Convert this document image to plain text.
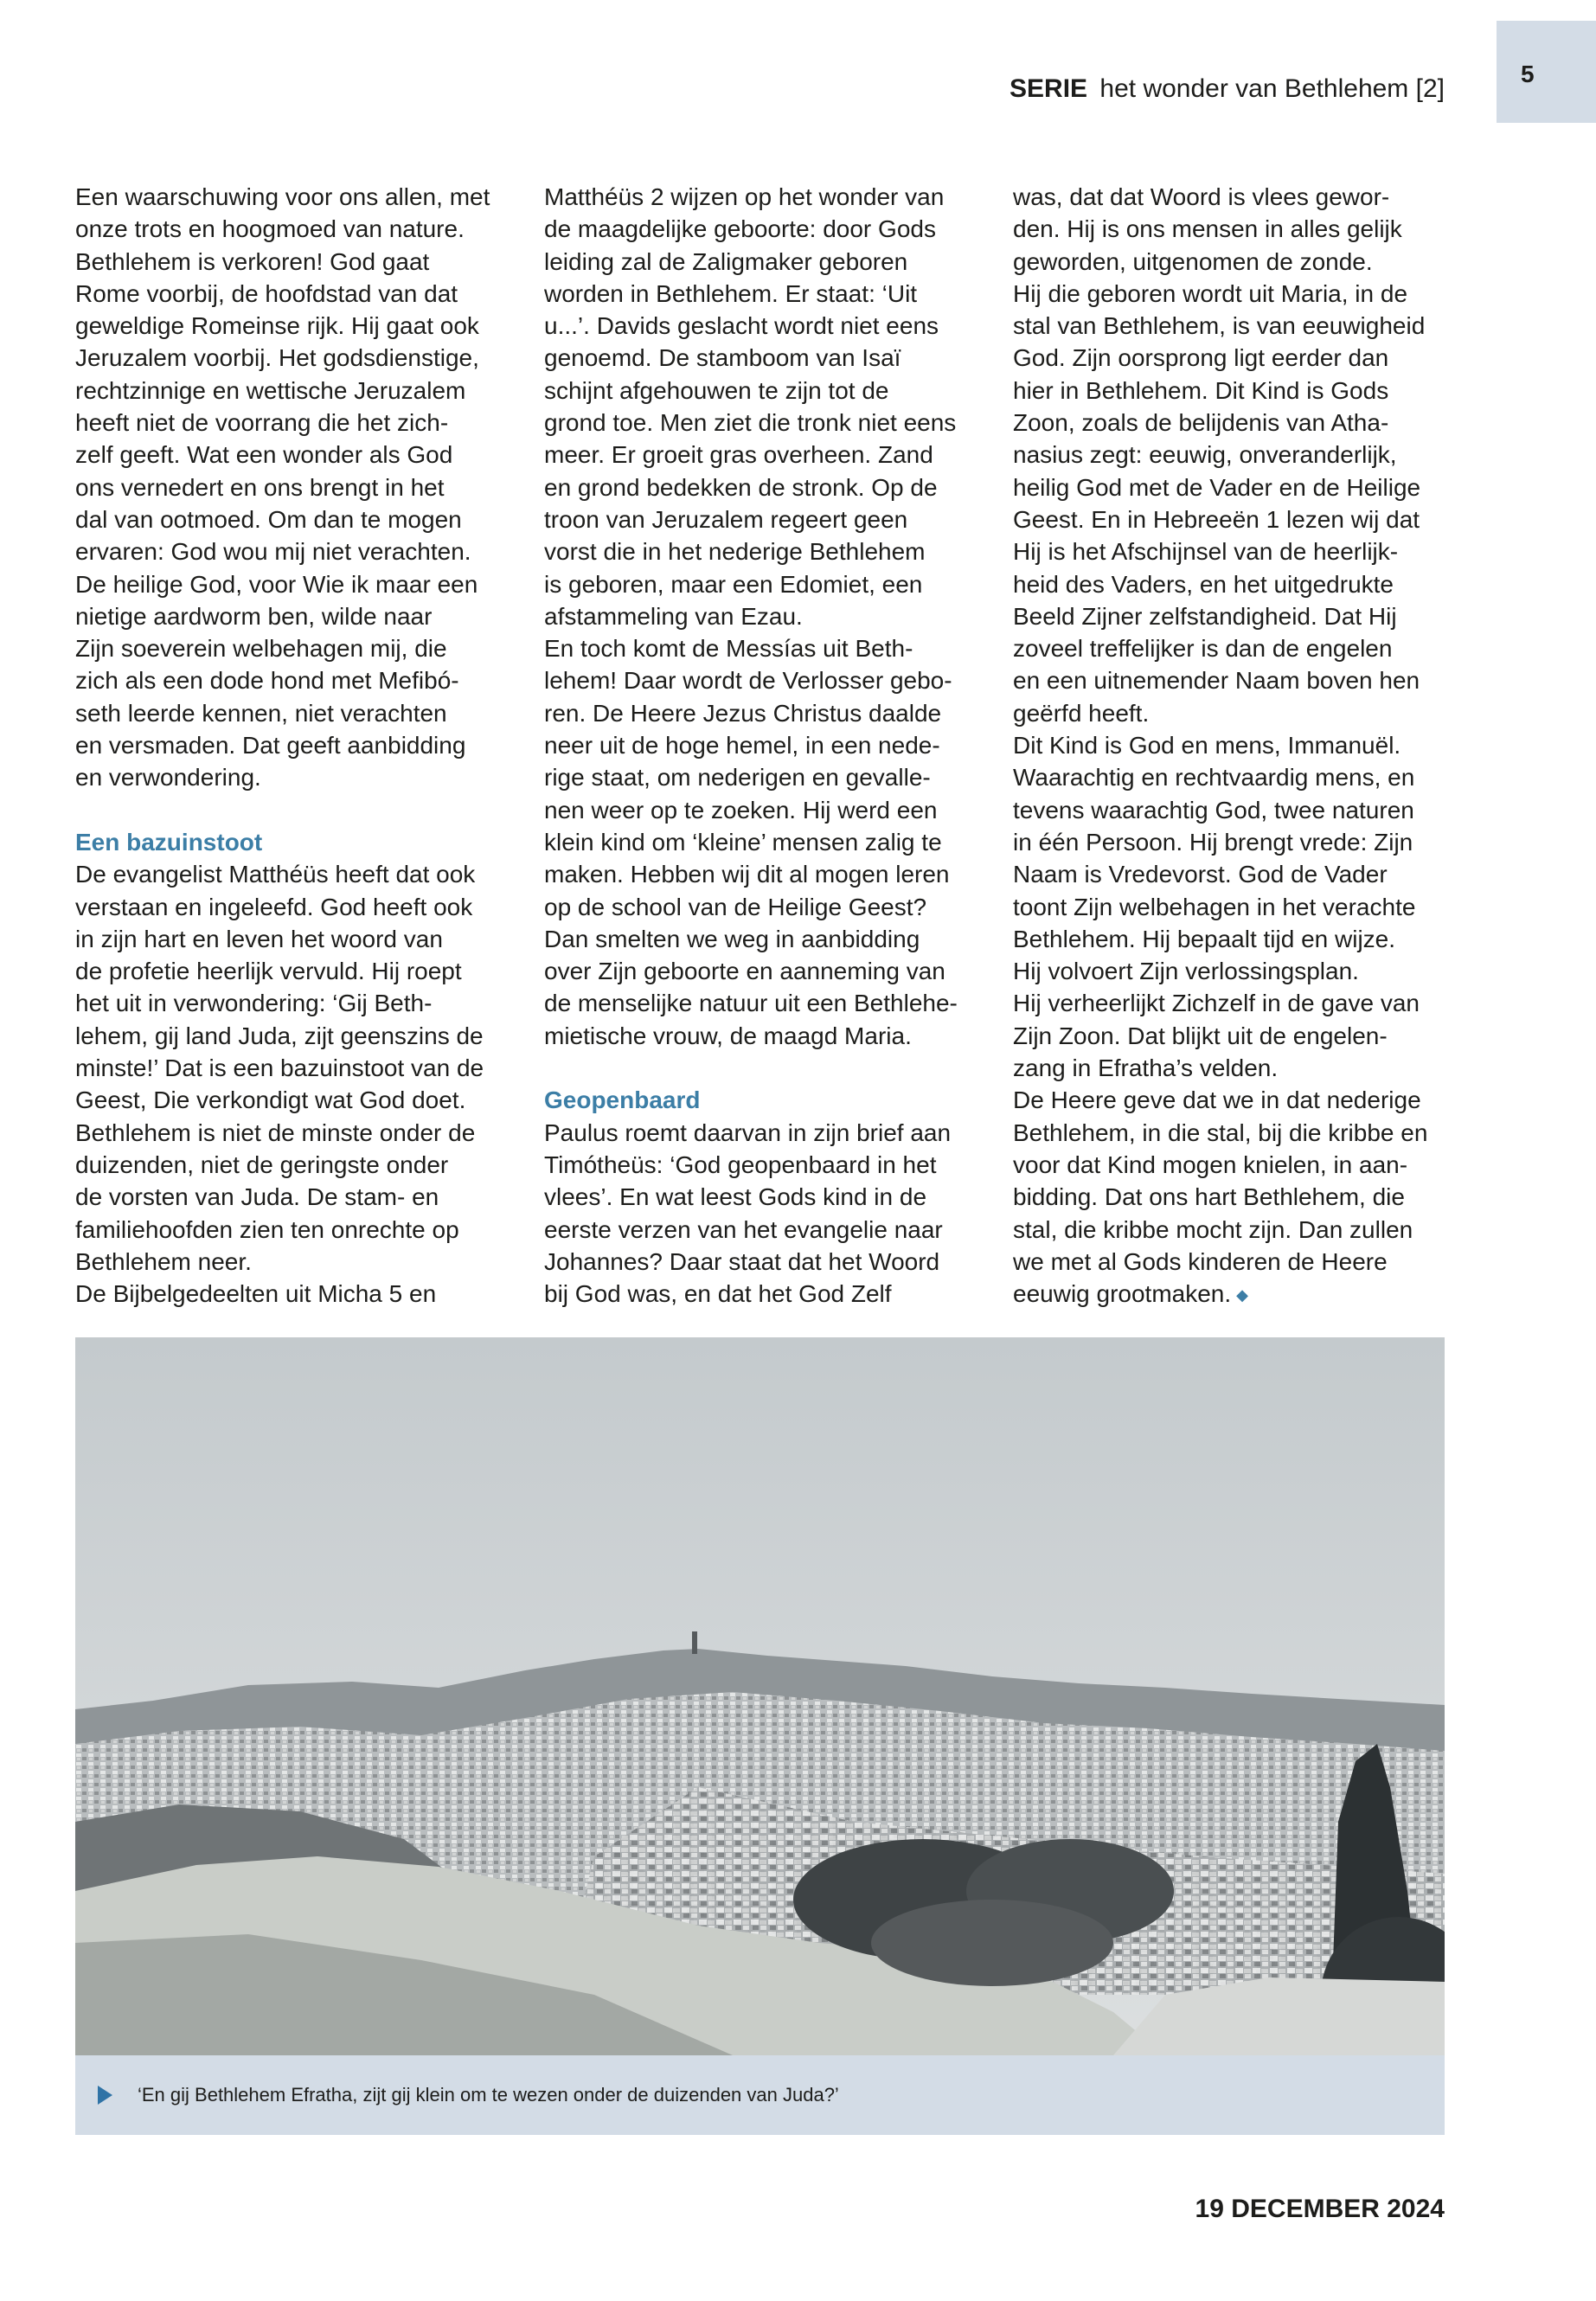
SERIE het wonder van Bethlehem [2]
5
Een waarschuwing voor ons allen, met
onze trots en hoogmoed van nature.
Bethlehem is verkoren! God gaat
Rome voorbij, de hoofdstad van dat
geweldige Romeinse rijk. Hij gaat ook
Jeruzalem voorbij. Het godsdienstige,
rechtzinnige en wettische Jeruzalem
heeft niet de voorrang die het zich-
zelf geeft. Wat een wonder als God
ons vernedert en ons brengt in het
dal van ootmoed. Om dan te mogen
ervaren: God wou mij niet verachten.
De heilige God, voor Wie ik maar een
nietige aardworm ben, wilde naar
Zijn soeverein welbehagen mij, die
zich als een dode hond met Mefibó-
seth leerde kennen, niet verachten
en versmaden. Dat geeft aanbidding
en verwondering.
Een bazuinstoot
De evangelist Matthéüs heeft dat ook
verstaan en ingeleefd. God heeft ook
in zijn hart en leven het woord van
de profetie heerlijk vervuld. Hij roept
het uit in verwondering: ‘Gij Beth-
lehem, gij land Juda, zijt geenszins de
minste!’ Dat is een bazuinstoot van de
Geest, Die verkondigt wat God doet.
Bethlehem is niet de minste onder de
duizenden, niet de geringste onder
de vorsten van Juda. De stam- en
familiehoofden zien ten onrechte op
Bethlehem neer.
De Bijbelgedeelten uit Micha 5 en
Matthéüs 2 wijzen op het wonder van
de maagdelijke geboorte: door Gods
leiding zal de Zaligmaker geboren
worden in Bethlehem. Er staat: ‘Uit
u...’. Davids geslacht wordt niet eens
genoemd. De stamboom van Isaï
schijnt afgehouwen te zijn tot de
grond toe. Men ziet die tronk niet eens
meer. Er groeit gras overheen. Zand
en grond bedekken de stronk. Op de
troon van Jeruzalem regeert geen
vorst die in het nederige Bethlehem
is geboren, maar een Edomiet, een
afstammeling van Ezau.
En toch komt de Messías uit Beth-
lehem! Daar wordt de Verlosser gebo-
ren. De Heere Jezus Christus daalde
neer uit de hoge hemel, in een nede-
rige staat, om nederigen en gevalle-
nen weer op te zoeken. Hij werd een
klein kind om ‘kleine’ mensen zalig te
maken. Hebben wij dit al mogen leren
op de school van de Heilige Geest?
Dan smelten we weg in aanbidding
over Zijn geboorte en aanneming van
de menselijke natuur uit een Bethlehe-
mietische vrouw, de maagd Maria.
Geopenbaard
Paulus roemt daarvan in zijn brief aan
Timótheüs: ‘God geopenbaard in het
vlees’. En wat leest Gods kind in de
eerste verzen van het evangelie naar
Johannes? Daar staat dat het Woord
bij God was, en dat het God Zelf
was, dat dat Woord is vlees gewor-
den. Hij is ons mensen in alles gelijk
geworden, uitgenomen de zonde.
Hij die geboren wordt uit Maria, in de
stal van Bethlehem, is van eeuwigheid
God. Zijn oorsprong ligt eerder dan
hier in Bethlehem. Dit Kind is Gods
Zoon, zoals de belijdenis van Atha-
nasius zegt: eeuwig, onveranderlijk,
heilig God met de Vader en de Heilige
Geest. En in Hebreeën 1 lezen wij dat
Hij is het Afschijnsel van de heerlijk-
heid des Vaders, en het uitgedrukte
Beeld Zijner zelfstandigheid. Dat Hij
zoveel treffelijker is dan de engelen
en een uitnemender Naam boven hen
geërfd heeft.
Dit Kind is God en mens, Immanuël.
Waarachtig en rechtvaardig mens, en
tevens waarachtig God, twee naturen
in één Persoon. Hij brengt vrede: Zijn
Naam is Vredevorst. God de Vader
toont Zijn welbehagen in het verachte
Bethlehem. Hij bepaalt tijd en wijze.
Hij volvoert Zijn verlossingsplan.
Hij verheerlijkt Zichzelf in de gave van
Zijn Zoon. Dat blijkt uit de engelen-
zang in Efratha’s velden.
De Heere geve dat we in dat nederige
Bethlehem, in die stal, bij die kribbe en
voor dat Kind mogen knielen, in aan-
bidding. Dat ons hart Bethlehem, die
stal, die kribbe mocht zijn. Dan zullen
we met al Gods kinderen de Heere
eeuwig grootmaken. ◆
‘En gij Bethlehem Efratha, zijt gij klein om te wezen onder de duizenden van Juda?’
19 DECEMBER 2024
